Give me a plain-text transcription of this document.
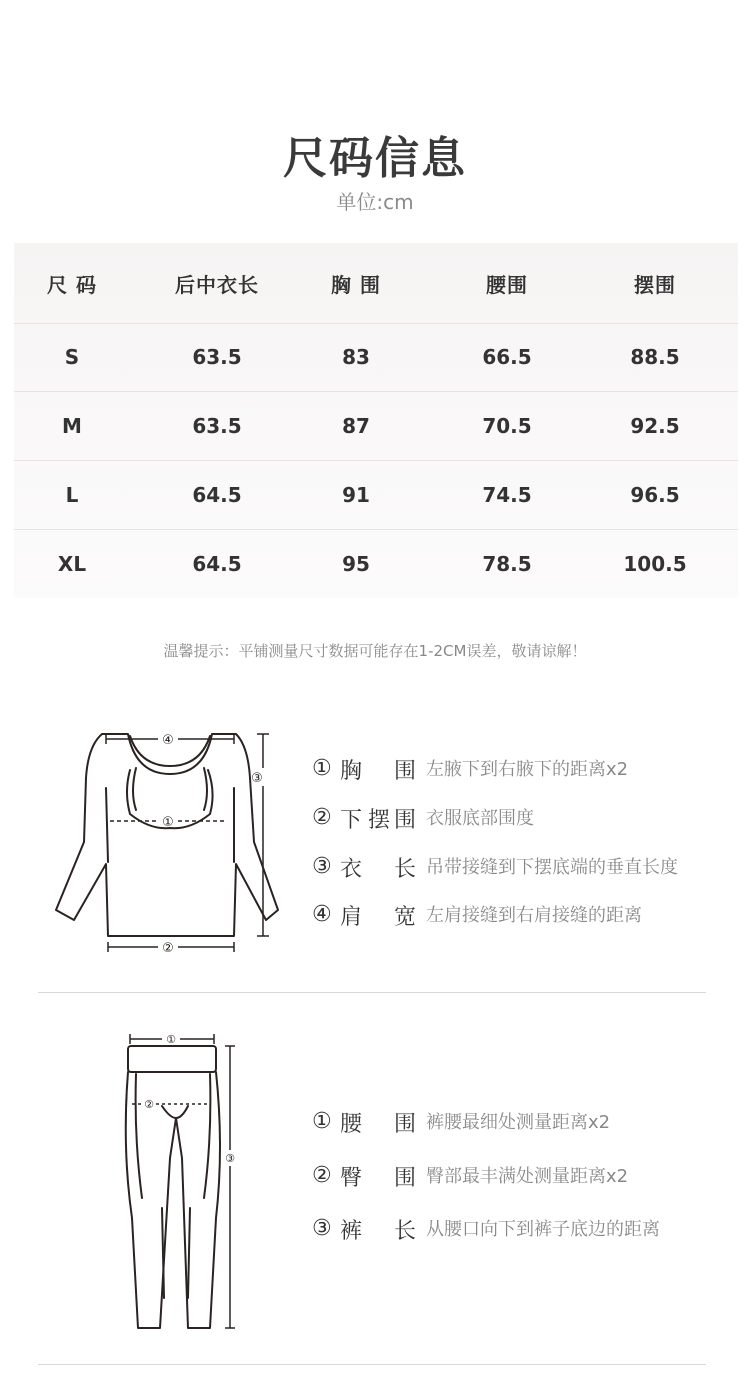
尺码信息
单位:cm
尺 码	后中衣长	胸 围	腰围	摆围
S	63.5	83	66.5	88.5
M	63.5	87	70.5	92.5
L	64.5	91	74.5	96.5
XL	64.5	95	78.5	100.5
温馨提示：平铺测量尺寸数据可能存在1-2CM误差，敬请谅解！
④
①
②
③ ① 胸 围 左腋下到右腋下的距离x2
② 下 摆 围 衣服底部围度
③ 衣 长 吊带接缝到下摆底端的垂直长度
④ 肩 宽 左肩接缝到右肩接缝的距离
①
②
③
① 腰 围 裤腰最细处测量距离x2
② 臀 围 臀部最丰满处测量距离x2
③ 裤 长 从腰口向下到裤子底边的距离
